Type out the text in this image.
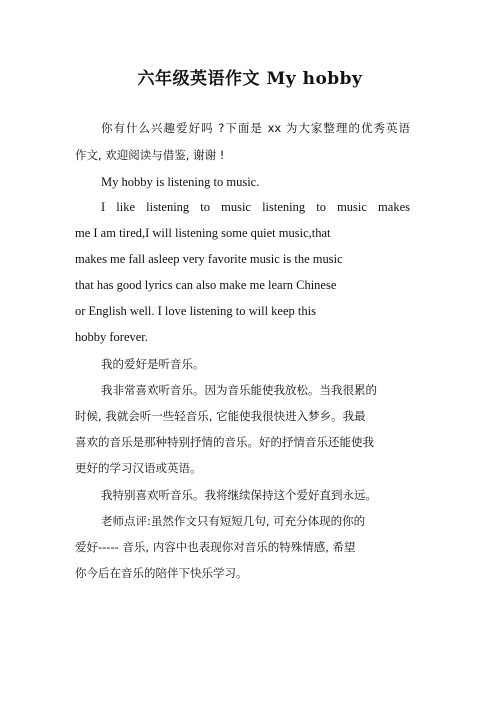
六年级英语作文 My hobby
你有什么兴趣爱好吗 ?下面是 xx 为大家整理的优秀英语
作文, 欢迎阅读与借鉴, 谢谢 !
My hobby is listening to music.
I like listening to music listening to music makes
me I am tired,I will listening some quiet music,that
makes me fall asleep very favorite music is the music
that has good lyrics can also make me learn Chinese
or English well. I love listening to will keep this
hobby forever.
我的爱好是听音乐。
我非常喜欢听音乐。因为音乐能使我放松。当我很累的
时候, 我就会听一些轻音乐, 它能使我很快进入梦乡。我最
喜欢的音乐是那种特别抒情的音乐。好的抒情音乐还能使我
更好的学习汉语或英语。
我特别喜欢听音乐。我将继续保持这个爱好直到永远。
老师点评:虽然作文只有短短几句, 可充分体现的你的
爱好----- 音乐, 内容中也表现你对音乐的特殊情感, 希望
你今后在音乐的陪伴下快乐学习。
